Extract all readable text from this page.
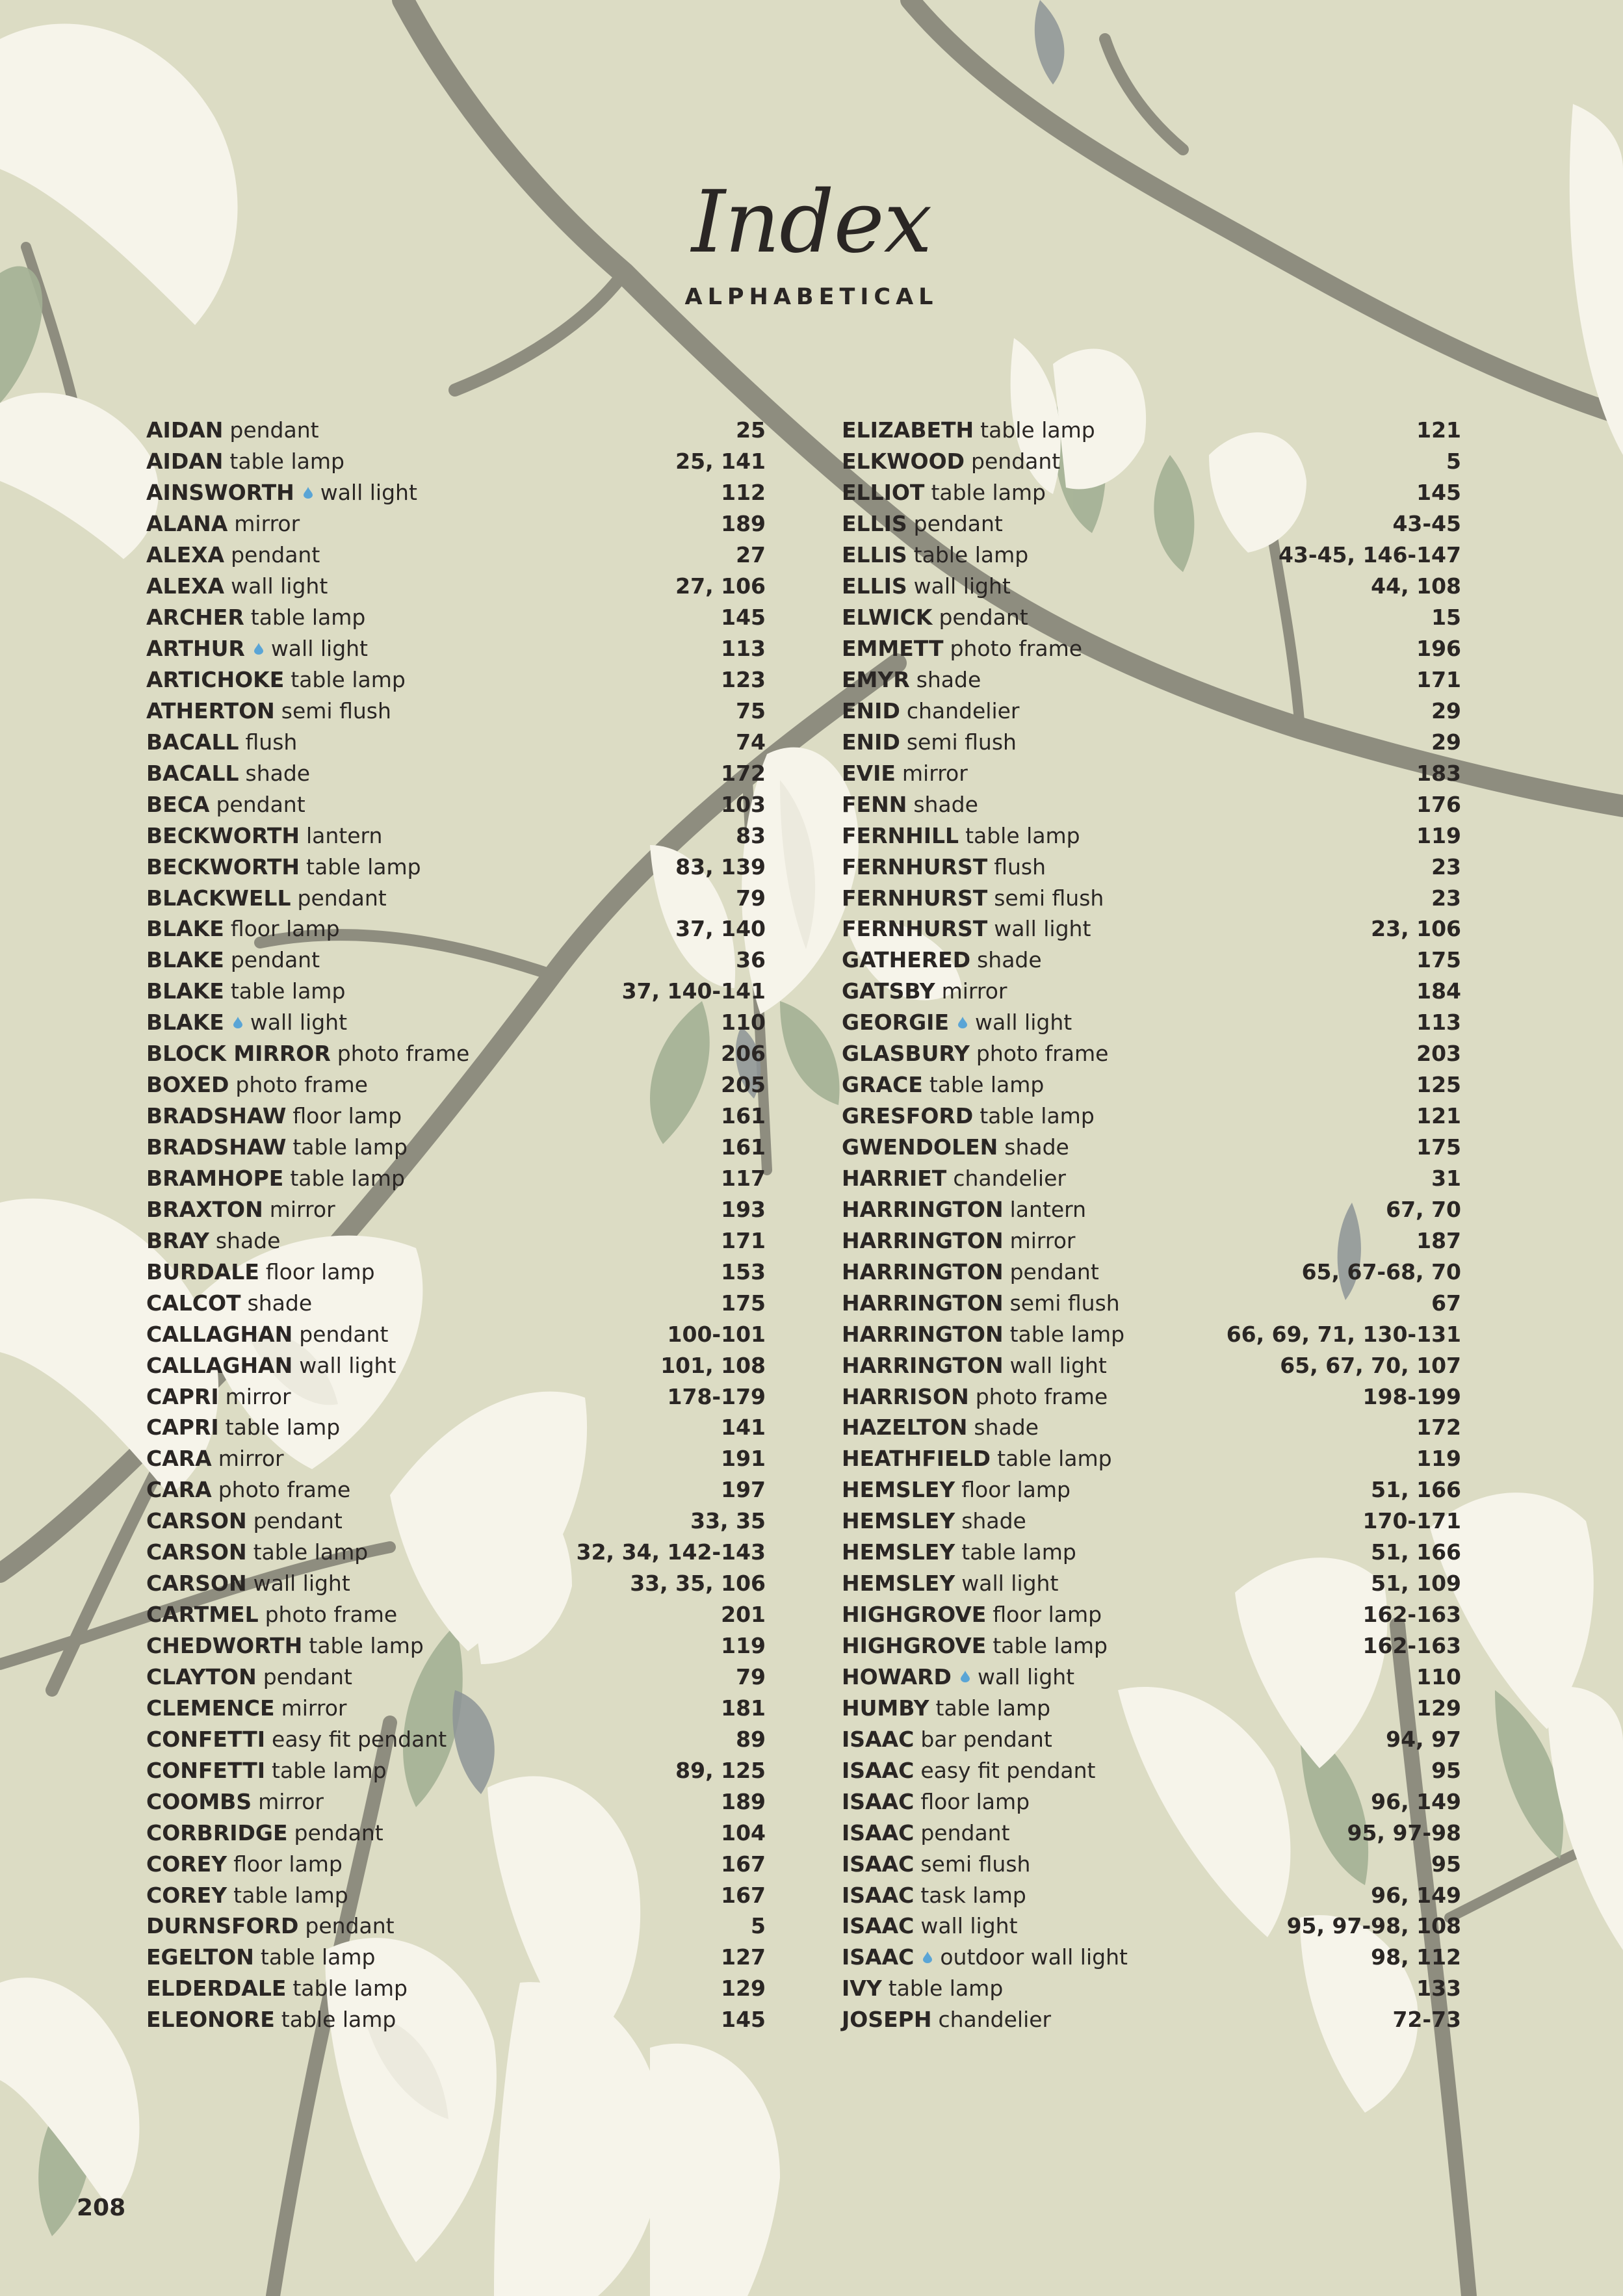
Index
ALPHABETICAL
AIDAN pendant	25
AIDAN table lamp	25, 141
AINSWORTH wall light	112
ALANA mirror	189
ALEXA pendant	27
ALEXA wall light	27, 106
ARCHER table lamp	145
ARTHUR wall light	113
ARTICHOKE table lamp	123
ATHERTON semi flush	75
BACALL flush	74
BACALL shade	172
BECA pendant	103
BECKWORTH lantern	83
BECKWORTH table lamp	83, 139
BLACKWELL pendant	79
BLAKE floor lamp	37, 140
BLAKE pendant	36
BLAKE table lamp	37, 140-141
BLAKE wall light	110
BLOCK MIRROR photo frame	206
BOXED photo frame	205
BRADSHAW floor lamp	161
BRADSHAW table lamp	161
BRAMHOPE table lamp	117
BRAXTON mirror	193
BRAY shade	171
BURDALE floor lamp	153
CALCOT shade	175
CALLAGHAN pendant	100-101
CALLAGHAN wall light	101, 108
CAPRI mirror	178-179
CAPRI table lamp	141
CARA mirror	191
CARA photo frame	197
CARSON pendant	33, 35
CARSON table lamp	32, 34, 142-143
CARSON wall light	33, 35, 106
CARTMEL photo frame	201
CHEDWORTH table lamp	119
CLAYTON pendant	79
CLEMENCE mirror	181
CONFETTI easy fit pendant	89
CONFETTI table lamp	89, 125
COOMBS mirror	189
CORBRIDGE pendant	104
COREY floor lamp	167
COREY table lamp	167
DURNSFORD pendant	5
EGELTON table lamp	127
ELDERDALE table lamp	129
ELEONORE table lamp	145
ELIZABETH table lamp	121
ELKWOOD pendant	5
ELLIOT table lamp	145
ELLIS pendant	43-45
ELLIS table lamp	43-45, 146-147
ELLIS wall light	44, 108
ELWICK pendant	15
EMMETT photo frame	196
EMYR shade	171
ENID chandelier	29
ENID semi flush	29
EVIE mirror	183
FENN shade	176
FERNHILL table lamp	119
FERNHURST flush	23
FERNHURST semi flush	23
FERNHURST wall light	23, 106
GATHERED shade	175
GATSBY mirror	184
GEORGIE wall light	113
GLASBURY photo frame	203
GRACE table lamp	125
GRESFORD table lamp	121
GWENDOLEN shade	175
HARRIET chandelier	31
HARRINGTON lantern	67, 70
HARRINGTON mirror	187
HARRINGTON pendant	65, 67-68, 70
HARRINGTON semi flush	67
HARRINGTON table lamp	66, 69, 71, 130-131
HARRINGTON wall light	65, 67, 70, 107
HARRISON photo frame	198-199
HAZELTON shade	172
HEATHFIELD table lamp	119
HEMSLEY floor lamp	51, 166
HEMSLEY shade	170-171
HEMSLEY table lamp	51, 166
HEMSLEY wall light	51, 109
HIGHGROVE floor lamp	162-163
HIGHGROVE table lamp	162-163
HOWARD wall light	110
HUMBY table lamp	129
ISAAC bar pendant	94, 97
ISAAC easy fit pendant	95
ISAAC floor lamp	96, 149
ISAAC pendant	95, 97-98
ISAAC semi flush	95
ISAAC task lamp	96, 149
ISAAC wall light	95, 97-98, 108
ISAAC outdoor wall light	98, 112
IVY table lamp	133
JOSEPH chandelier	72-73
208
